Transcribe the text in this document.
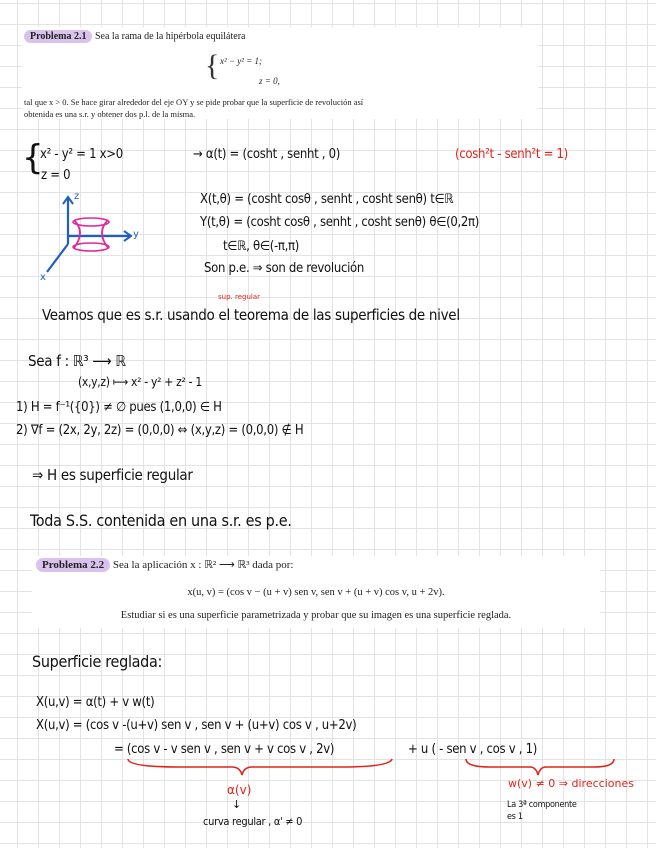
Problema 2.1 Sea la rama de la hipérbola equilátera
{ x² − y² = 1;
z = 0,
tal que x > 0. Se hace girar alrededor del eje OY y se pide probar que la superficie de revolución así
obtenida es una s.r. y obtener dos p.l. de la misma.
{
x² - y² = 1 x>0
z = 0
→ α(t) = (cosht , senht , 0)	(cosh²t - senh²t = 1)
z
y
x
X(t,θ) = (cosht cosθ , senht , cosht senθ) t∈ℝ
Y(t,θ) = (cosht cosθ , senht , cosht senθ) θ∈(0,2π)
t∈ℝ, θ∈(-π,π)
Son p.e. ⇒ son de revolución
sup. regular
Veamos que es s.r. usando el teorema de las superficies de nivel
Sea f : ℝ³ ⟶ ℝ
(x,y,z) ⟼ x² - y² + z² - 1
1) H = f⁻¹({0}) ≠ ∅ pues (1,0,0) ∈ H
2) ∇f = (2x, 2y, 2z) = (0,0,0) ⇔ (x,y,z) = (0,0,0) ∉ H
⇒ H es superficie regular
Toda S.S. contenida en una s.r. es p.e.
Problema 2.2 Sea la aplicación x : ℝ² ⟶ ℝ³ dada por:
x(u, v) = (cos v − (u + v) sen v, sen v + (u + v) cos v, u + 2v).
Estudiar si es una superficie parametrizada y probar que su imagen es una superficie reglada.
Superficie reglada:
X(u,v) = α(t) + v w(t)
X(u,v) = (cos v -(u+v) sen v , sen v + (u+v) cos v , u+2v)
= (cos v - v sen v , sen v + v cos v , 2v)	+ u ( - sen v , cos v , 1)
α(v)
↓
curva regular , α' ≠ 0
w(v) ≠ 0 ⇒ direcciones
La 3ª componente
es 1
